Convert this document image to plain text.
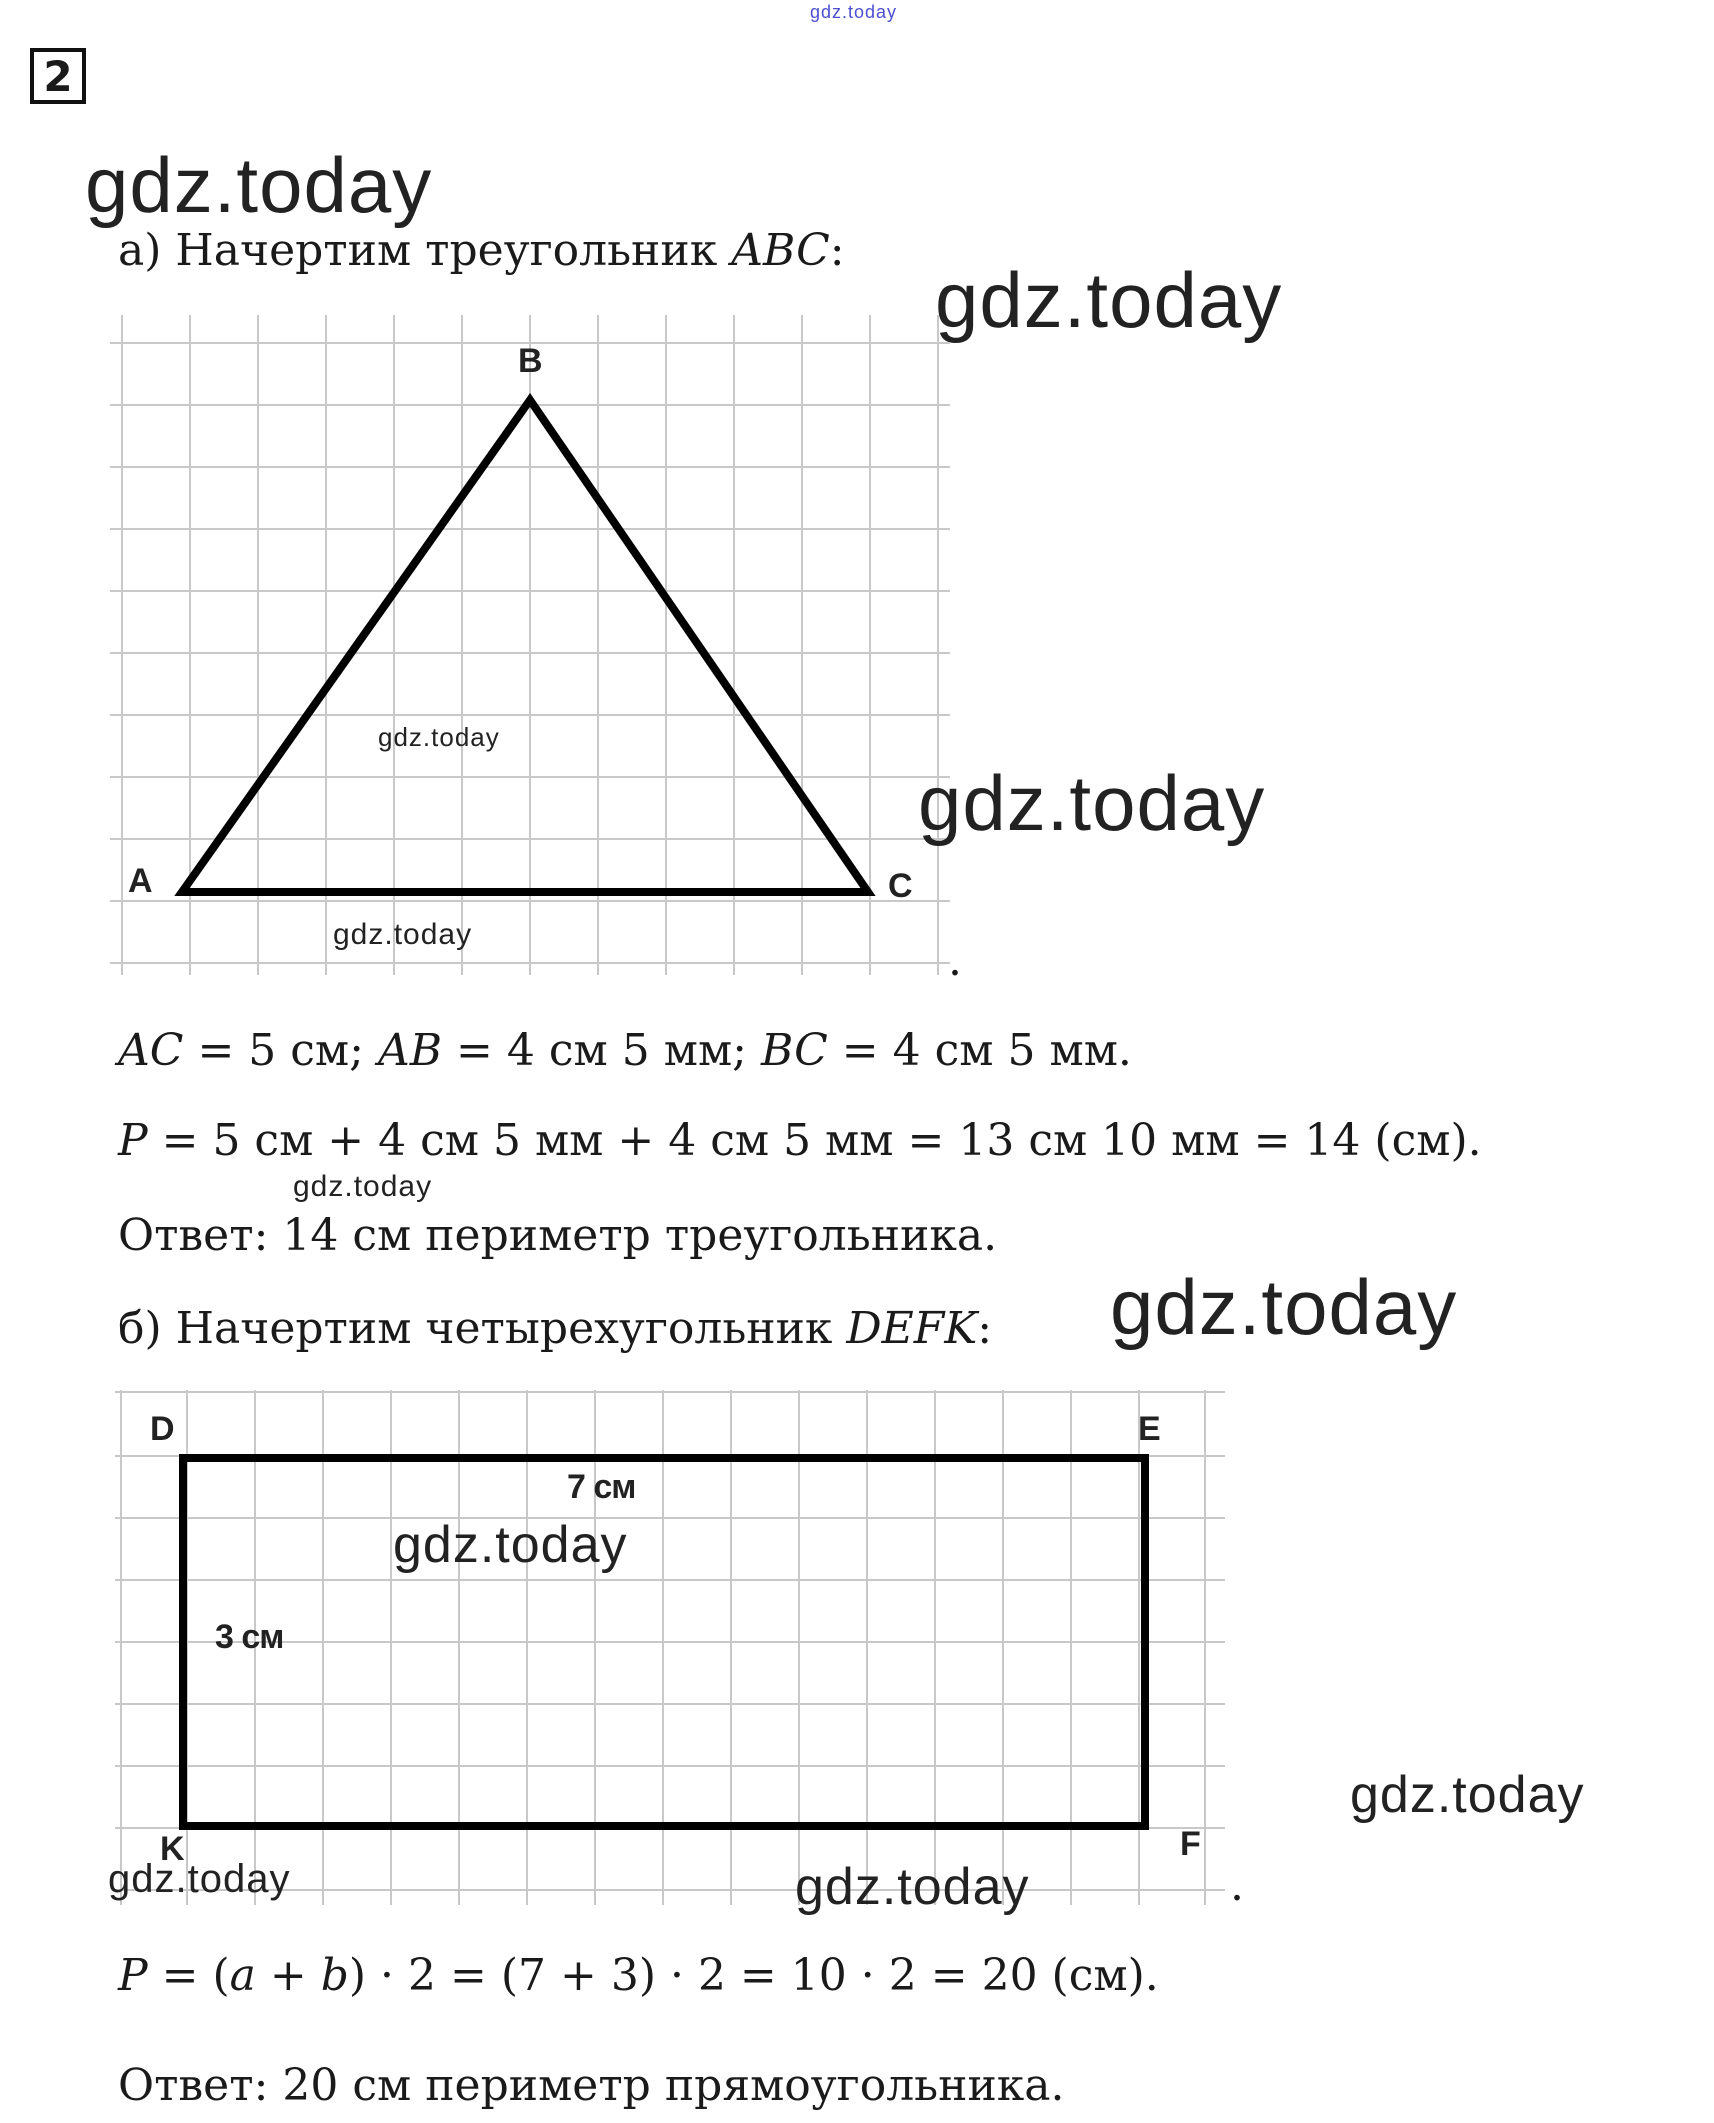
gdz.today
2
gdz.today
а) Начертим треугольник ABC:
gdz.today
B
A	C
gdz.today
gdz.today
gdz.today
.
AC = 5 см; AB = 4 см 5 мм; BC = 4 см 5 мм.
P = 5 см + 4 см 5 мм + 4 см 5 мм = 13 см 10 мм = 14 (см).
gdz.today
Ответ: 14 см периметр треугольника.
б) Начертим четырехугольник DEFK: gdz.today
D	E
7 см
3 см
K	F
gdz.today
gdz.today
gdz.today	gdz.today	.
P = (a + b) · 2 = (7 + 3) · 2 = 10 · 2 = 20 (см).
Ответ: 20 см периметр прямоугольника.
